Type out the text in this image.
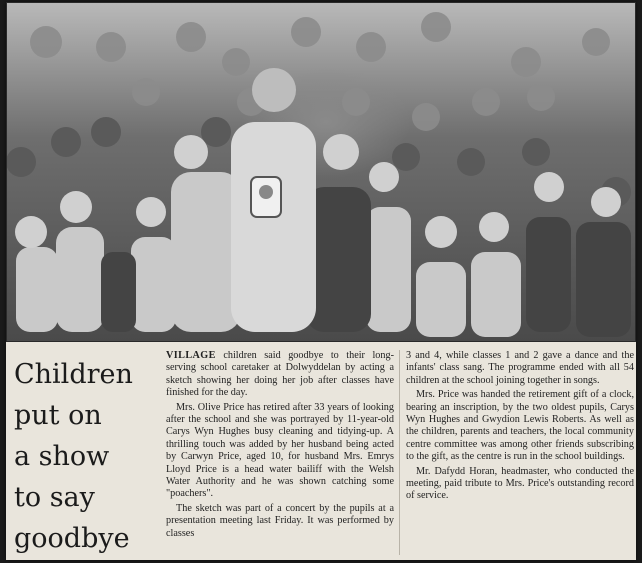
Children
put on
a show
to say
goodbye

VILLAGE children said goodbye to their long-serving school caretaker at Dolwyddelan by acting a sketch showing her doing her job after classes have finished for the day.

Mrs. Olive Price has retired after 33 years of looking after the school and she was portrayed by 11-year-old Carys Wyn Hughes busy cleaning and tidying-up. A thrilling touch was added by her husband being acted by Carwyn Price, aged 10, for husband Mrs. Emrys Lloyd Price is a head water bailiff with the Welsh Water Authority and he was shown catching some "poachers".

The sketch was part of a concert by the pupils at a presentation meeting last Friday. It was performed by classes

3 and 4, while classes 1 and 2 gave a dance and the infants' class sang. The programme ended with all 54 children at the school joining together in songs.

Mrs. Price was handed the retirement gift of a clock, bearing an inscription, by the two oldest pupils, Carys Wyn Hughes and Gwydion Lewis Roberts. As well as the children, parents and teachers, the local community centre committee was among other friends subscribing to the gift, as the centre is run in the school buildings.

Mr. Dafydd Horan, headmaster, who conducted the meeting, paid tribute to Mrs. Price's outstanding record of service.
